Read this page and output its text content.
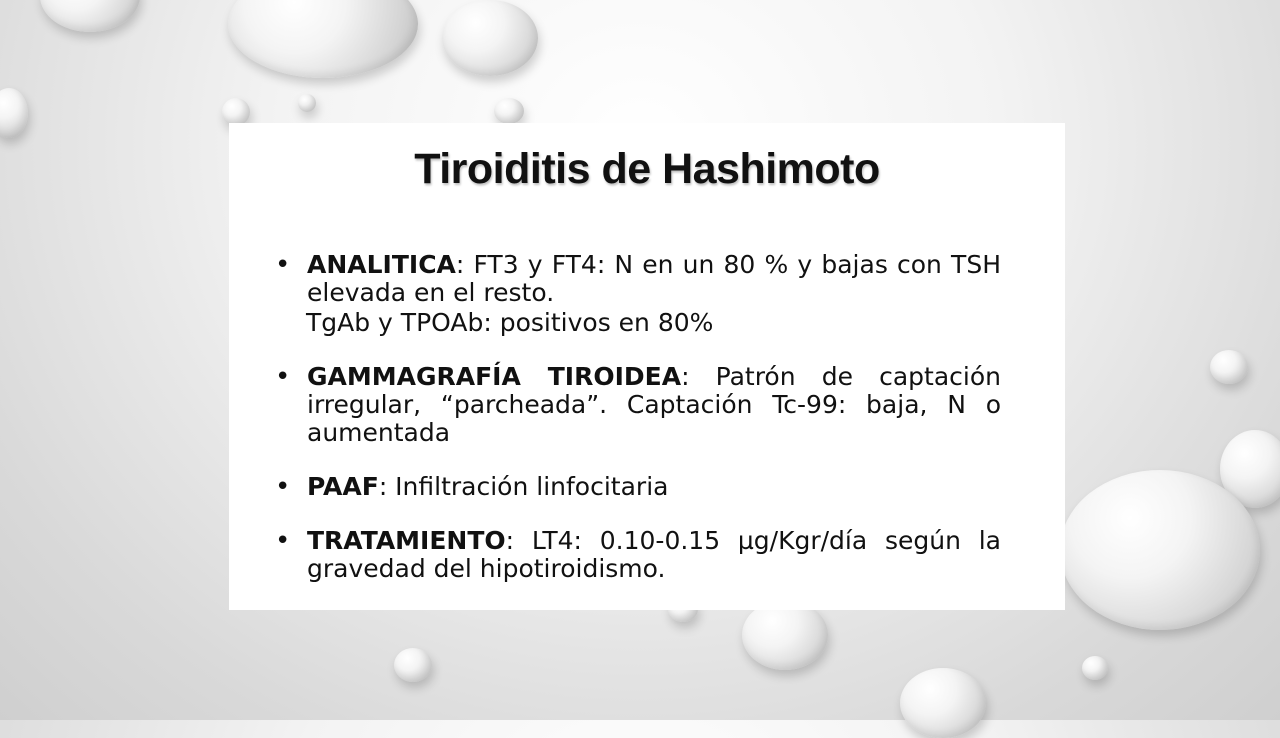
Tiroiditis de Hashimoto
• ANALITICA: FT3 y FT4: N en un 80 % y bajas con TSH elevada en el resto.
TgAb y TPOAb: positivos en 80%
• GAMMAGRAFÍA TIROIDEA: Patrón de captación irregular, “parcheada”. Captación Tc-99: baja, N o aumentada
• PAAF: Infiltración linfocitaria
• TRATAMIENTO: LT4: 0.10-0.15 µg/Kgr/día según la gravedad del hipotiroidismo.
